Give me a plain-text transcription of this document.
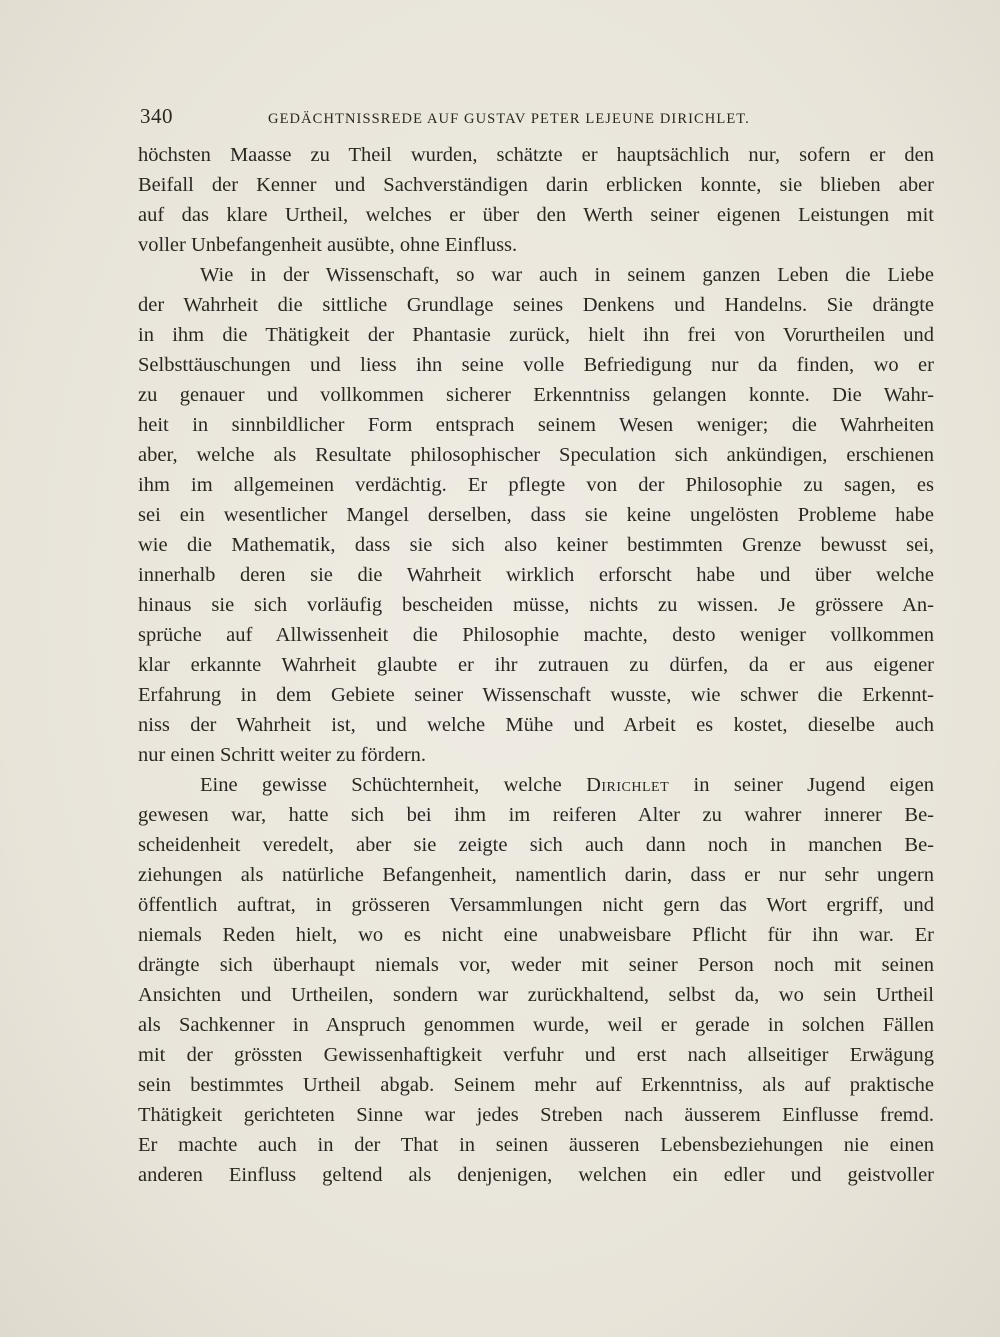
340	GEDÄCHTNISSREDE AUF GUSTAV PETER LEJEUNE DIRICHLET.
höchsten Maasse zu Theil wurden, schätzte er hauptsächlich nur, sofern er den
Beifall der Kenner und Sachverständigen darin erblicken konnte, sie blieben aber
auf das klare Urtheil, welches er über den Werth seiner eigenen Leistungen mit
voller Unbefangenheit ausübte, ohne Einfluss.
Wie in der Wissenschaft, so war auch in seinem ganzen Leben die Liebe
der Wahrheit die sittliche Grundlage seines Denkens und Handelns. Sie drängte
in ihm die Thätigkeit der Phantasie zurück, hielt ihn frei von Vorurtheilen und
Selbsttäuschungen und liess ihn seine volle Befriedigung nur da finden, wo er
zu genauer und vollkommen sicherer Erkenntniss gelangen konnte. Die Wahr-
heit in sinnbildlicher Form entsprach seinem Wesen weniger; die Wahrheiten
aber, welche als Resultate philosophischer Speculation sich ankündigen, erschienen
ihm im allgemeinen verdächtig. Er pflegte von der Philosophie zu sagen, es
sei ein wesentlicher Mangel derselben, dass sie keine ungelösten Probleme habe
wie die Mathematik, dass sie sich also keiner bestimmten Grenze bewusst sei,
innerhalb deren sie die Wahrheit wirklich erforscht habe und über welche
hinaus sie sich vorläufig bescheiden müsse, nichts zu wissen. Je grössere An-
sprüche auf Allwissenheit die Philosophie machte, desto weniger vollkommen
klar erkannte Wahrheit glaubte er ihr zutrauen zu dürfen, da er aus eigener
Erfahrung in dem Gebiete seiner Wissenschaft wusste, wie schwer die Erkennt-
niss der Wahrheit ist, und welche Mühe und Arbeit es kostet, dieselbe auch
nur einen Schritt weiter zu fördern.
Eine gewisse Schüchternheit, welche Dirichlet in seiner Jugend eigen
gewesen war, hatte sich bei ihm im reiferen Alter zu wahrer innerer Be-
scheidenheit veredelt, aber sie zeigte sich auch dann noch in manchen Be-
ziehungen als natürliche Befangenheit, namentlich darin, dass er nur sehr ungern
öffentlich auftrat, in grösseren Versammlungen nicht gern das Wort ergriff, und
niemals Reden hielt, wo es nicht eine unabweisbare Pflicht für ihn war. Er
drängte sich überhaupt niemals vor, weder mit seiner Person noch mit seinen
Ansichten und Urtheilen, sondern war zurückhaltend, selbst da, wo sein Urtheil
als Sachkenner in Anspruch genommen wurde, weil er gerade in solchen Fällen
mit der grössten Gewissenhaftigkeit verfuhr und erst nach allseitiger Erwägung
sein bestimmtes Urtheil abgab. Seinem mehr auf Erkenntniss, als auf praktische
Thätigkeit gerichteten Sinne war jedes Streben nach äusserem Einflusse fremd.
Er machte auch in der That in seinen äusseren Lebensbeziehungen nie einen
anderen Einfluss geltend als denjenigen, welchen ein edler und geistvoller
